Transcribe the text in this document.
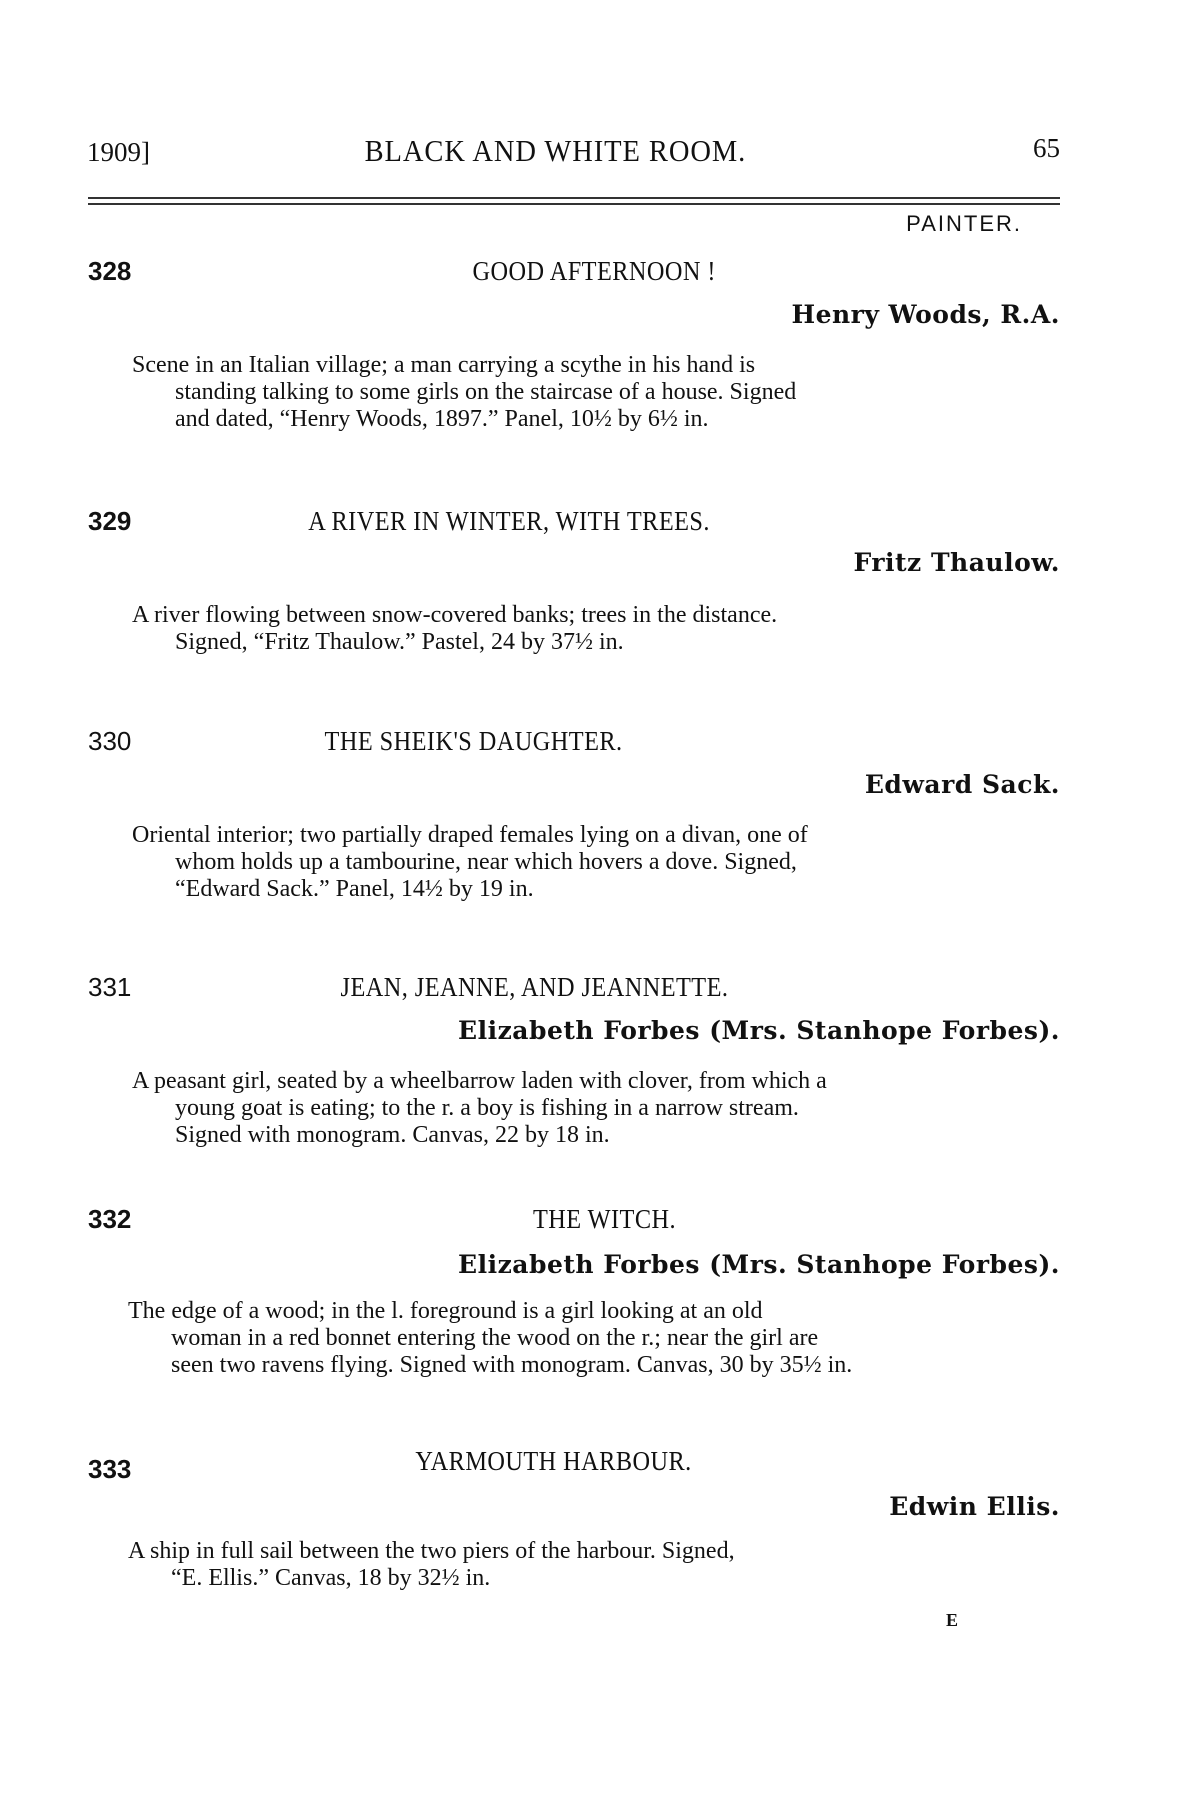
1909]	BLACK AND WHITE ROOM.	65
PAINTER.
328	GOOD AFTERNOON !
Henry Woods, R.A.
Scene in an Italian village; a man carrying a scythe in his hand is
standing talking to some girls on the staircase of a house. Signed
and dated, “Henry Woods, 1897.” Panel, 10½ by 6½ in.
329	A RIVER IN WINTER, WITH TREES.
Fritz Thaulow.
A river flowing between snow-covered banks; trees in the distance.
Signed, “Fritz Thaulow.” Pastel, 24 by 37½ in.
330	THE SHEIK'S DAUGHTER.
Edward Sack.
Oriental interior; two partially draped females lying on a divan, one of
whom holds up a tambourine, near which hovers a dove. Signed,
“Edward Sack.” Panel, 14½ by 19 in.
331	JEAN, JEANNE, AND JEANNETTE.
Elizabeth Forbes (Mrs. Stanhope Forbes).
A peasant girl, seated by a wheelbarrow laden with clover, from which a
young goat is eating; to the r. a boy is fishing in a narrow stream.
Signed with monogram. Canvas, 22 by 18 in.
332	THE WITCH.
Elizabeth Forbes (Mrs. Stanhope Forbes).
The edge of a wood; in the l. foreground is a girl looking at an old
woman in a red bonnet entering the wood on the r.; near the girl are
seen two ravens flying. Signed with monogram. Canvas, 30 by 35½ in.
333	YARMOUTH HARBOUR.
Edwin Ellis.
A ship in full sail between the two piers of the harbour. Signed,
“E. Ellis.” Canvas, 18 by 32½ in.
E
